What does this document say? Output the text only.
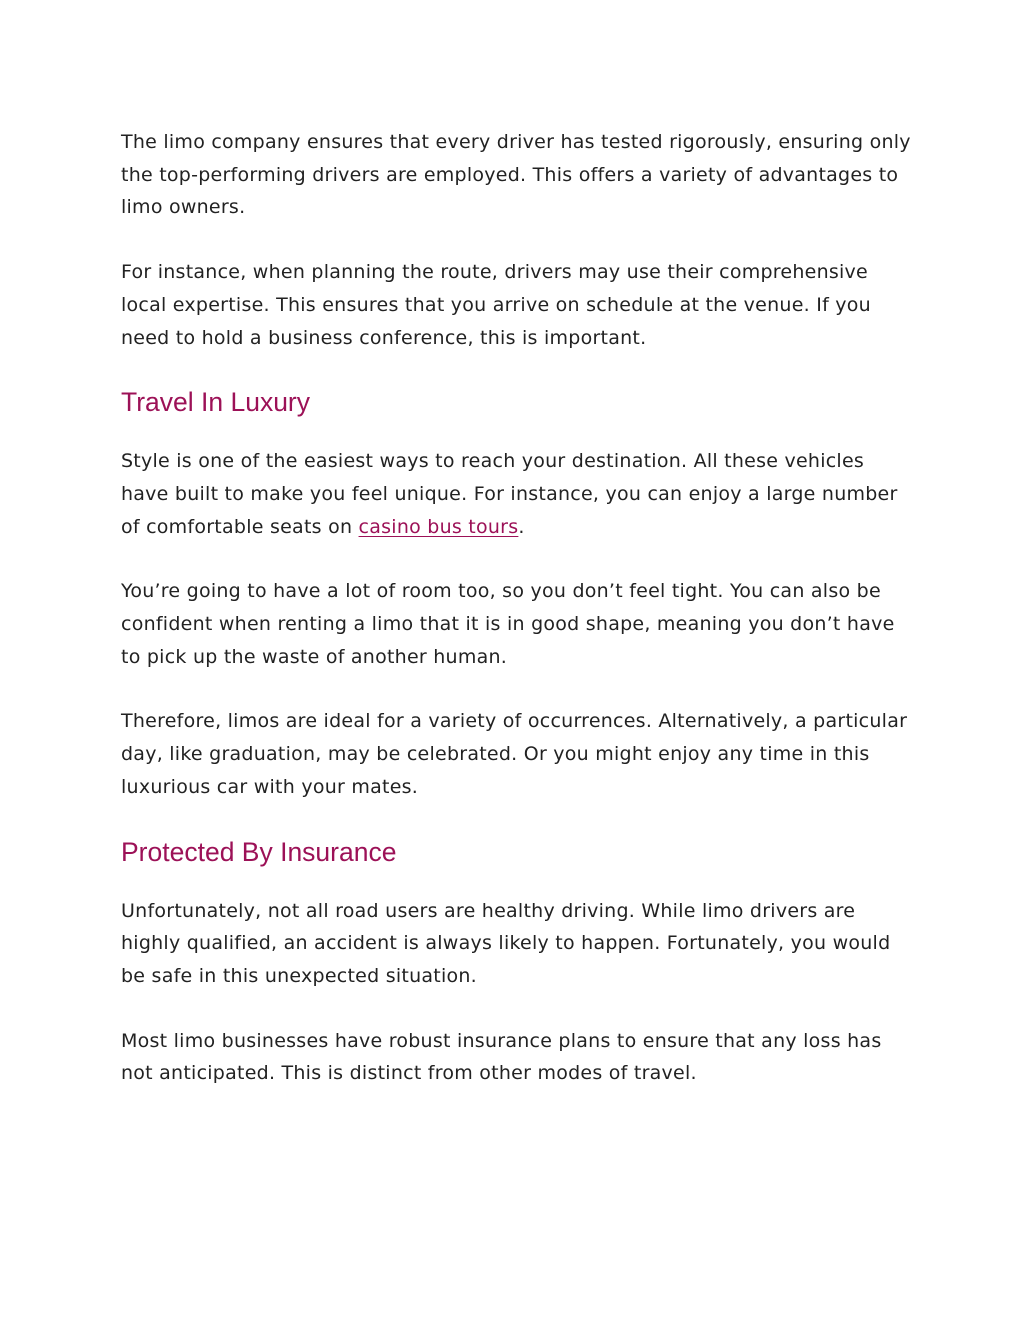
The limo company ensures that every driver has tested rigorously, ensuring only the top-performing drivers are employed. This offers a variety of advantages to limo owners.

For instance, when planning the route, drivers may use their comprehensive local expertise. This ensures that you arrive on schedule at the venue. If you need to hold a business conference, this is important.

Travel In Luxury

Style is one of the easiest ways to reach your destination. All these vehicles have built to make you feel unique. For instance, you can enjoy a large number of comfortable seats on casino bus tours.

You’re going to have a lot of room too, so you don’t feel tight. You can also be confident when renting a limo that it is in good shape, meaning you don’t have to pick up the waste of another human.

Therefore, limos are ideal for a variety of occurrences. Alternatively, a particular day, like graduation, may be celebrated. Or you might enjoy any time in this luxurious car with your mates.

Protected By Insurance

Unfortunately, not all road users are healthy driving. While limo drivers are highly qualified, an accident is always likely to happen. Fortunately, you would be safe in this unexpected situation.

Most limo businesses have robust insurance plans to ensure that any loss has not anticipated. This is distinct from other modes of travel.
